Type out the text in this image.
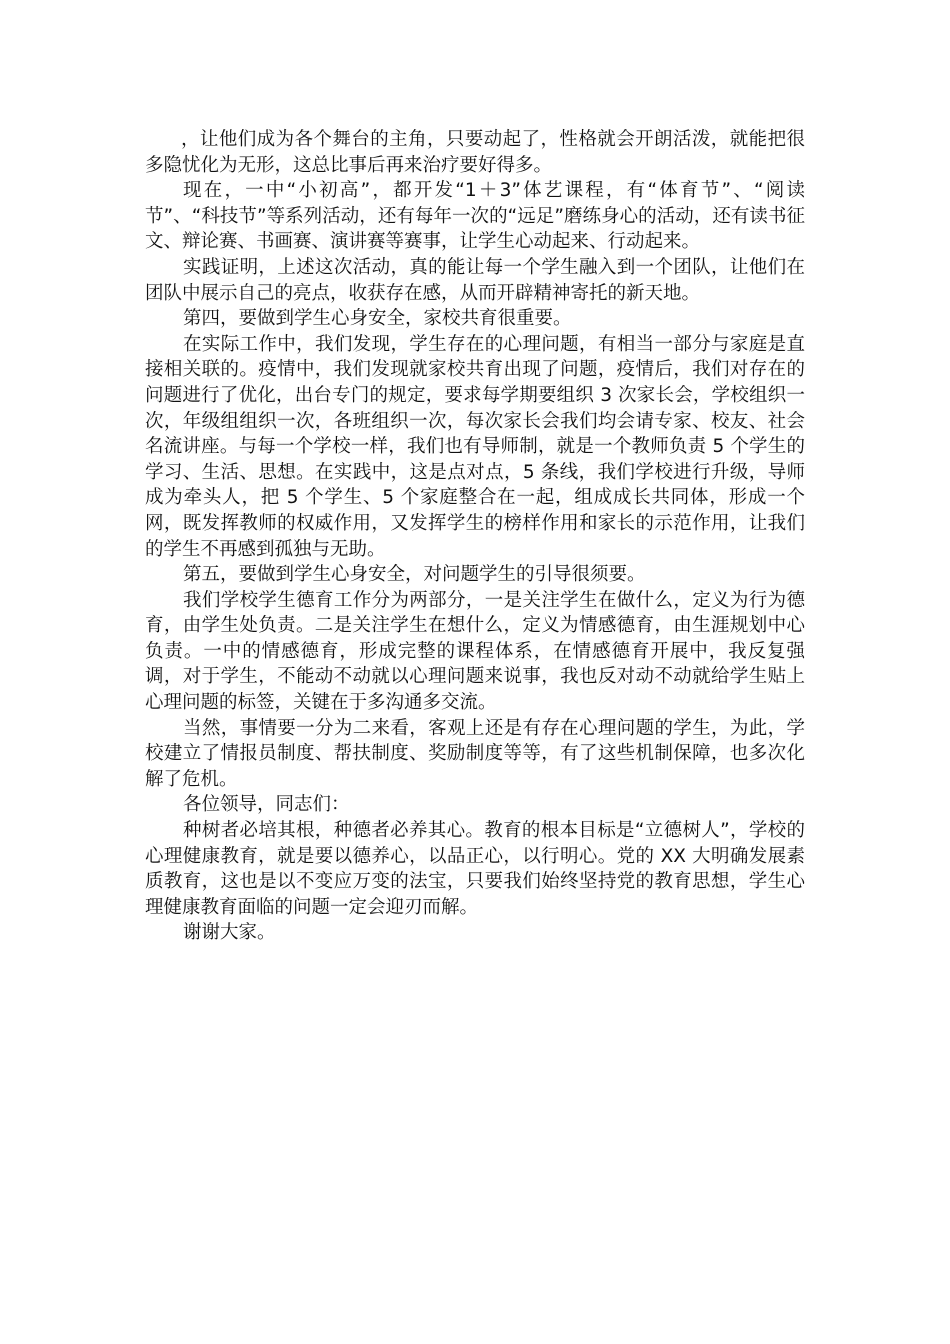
，让他们成为各个舞台的主角，只要动起了，性格就会开朗活泼，就能把很多隐忧化为无形，这总比事后再来治疗要好得多。

现在，一中“小初高”，都开发“1＋3”体艺课程，有“体育节”、“阅读节”、“科技节”等系列活动，还有每年一次的“远足”磨练身心的活动，还有读书征文、辩论赛、书画赛、演讲赛等赛事，让学生心动起来、行动起来。

实践证明，上述这次活动，真的能让每一个学生融入到一个团队，让他们在团队中展示自己的亮点，收获存在感，从而开辟精神寄托的新天地。

第四，要做到学生心身安全，家校共育很重要。

在实际工作中，我们发现，学生存在的心理问题，有相当一部分与家庭是直接相关联的。疫情中，我们发现就家校共育出现了问题，疫情后，我们对存在的问题进行了优化，出台专门的规定，要求每学期要组织 3 次家长会，学校组织一次，年级组组织一次，各班组织一次，每次家长会我们均会请专家、校友、社会名流讲座。与每一个学校一样，我们也有导师制，就是一个教师负责 5 个学生的学习、生活、思想。在实践中，这是点对点，5 条线，我们学校进行升级，导师成为牵头人，把 5 个学生、5 个家庭整合在一起，组成成长共同体，形成一个网，既发挥教师的权威作用，又发挥学生的榜样作用和家长的示范作用，让我们的学生不再感到孤独与无助。

第五，要做到学生心身安全，对问题学生的引导很须要。

我们学校学生德育工作分为两部分，一是关注学生在做什么，定义为行为德育，由学生处负责。二是关注学生在想什么，定义为情感德育，由生涯规划中心负责。一中的情感德育，形成完整的课程体系，在情感德育开展中，我反复强调，对于学生，不能动不动就以心理问题来说事，我也反对动不动就给学生贴上心理问题的标签，关键在于多沟通多交流。

当然，事情要一分为二来看，客观上还是有存在心理问题的学生，为此，学校建立了情报员制度、帮扶制度、奖励制度等等，有了这些机制保障，也多次化解了危机。

各位领导，同志们：

种树者必培其根，种德者必养其心。教育的根本目标是“立德树人”，学校的心理健康教育，就是要以德养心，以品正心，以行明心。党的 XX 大明确发展素质教育，这也是以不变应万变的法宝，只要我们始终坚持党的教育思想，学生心理健康教育面临的问题一定会迎刃而解。

谢谢大家。
